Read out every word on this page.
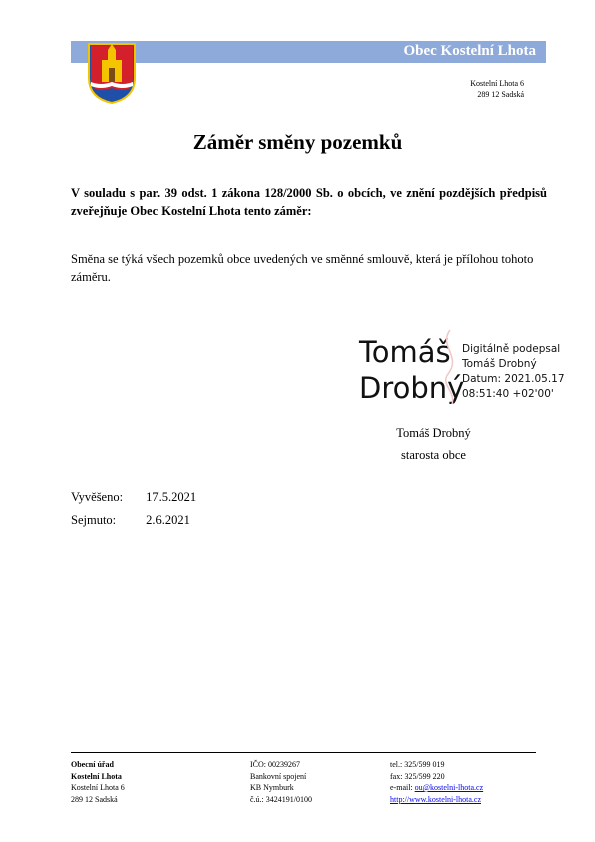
Obec Kostelní Lhota
Kostelní Lhota 6
289 12 Sadská
Záměr směny pozemků
V souladu s par. 39 odst. 1 zákona 128/2000 Sb. o obcích, ve znění pozdějších předpisů zveřejňuje Obec Kostelní Lhota tento záměr:
Směna se týká všech pozemků obce uvedených ve směnné smlouvě, která je přílohou tohoto záměru.
Tomáš
Drobný
Digitálně podepsal
Tomáš Drobný
Datum: 2021.05.17
08:51:40 +02'00'
Tomáš Drobný
starosta obce
Vyvěšeno: 17.5.2021
Sejmuto: 2.6.2021
Obecní úřad
Kostelní Lhota
Kostelní Lhota 6
289 12 Sadská
IČO: 00239267
Bankovní spojení
KB Nymburk
č.ú.: 3424191/0100
tel.: 325/599 019
fax: 325/599 220
e-mail: ou@kostelni-lhota.cz
http://www.kostelni-lhota.cz
